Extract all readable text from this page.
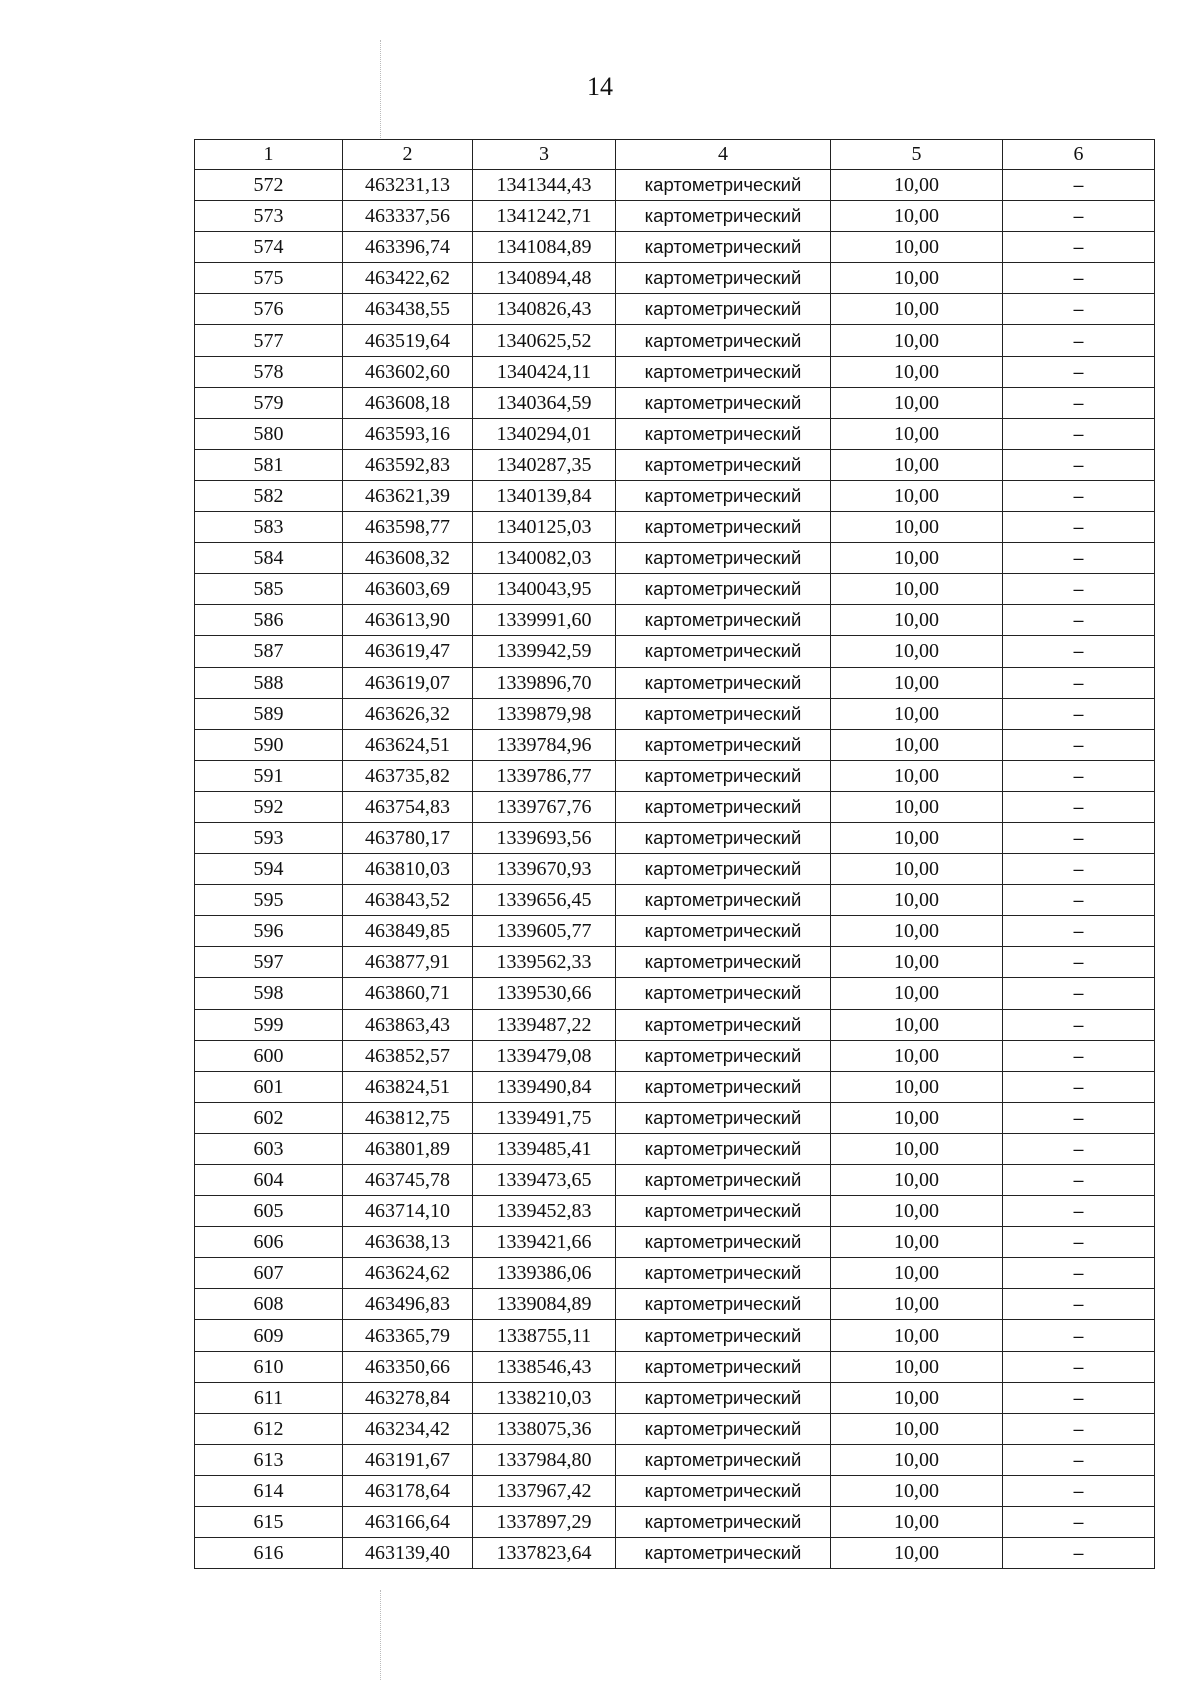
14
1	2	3	4	5	6
572	463231,13	1341344,43	картометрический	10,00	–
573	463337,56	1341242,71	картометрический	10,00	–
574	463396,74	1341084,89	картометрический	10,00	–
575	463422,62	1340894,48	картометрический	10,00	–
576	463438,55	1340826,43	картометрический	10,00	–
577	463519,64	1340625,52	картометрический	10,00	–
578	463602,60	1340424,11	картометрический	10,00	–
579	463608,18	1340364,59	картометрический	10,00	–
580	463593,16	1340294,01	картометрический	10,00	–
581	463592,83	1340287,35	картометрический	10,00	–
582	463621,39	1340139,84	картометрический	10,00	–
583	463598,77	1340125,03	картометрический	10,00	–
584	463608,32	1340082,03	картометрический	10,00	–
585	463603,69	1340043,95	картометрический	10,00	–
586	463613,90	1339991,60	картометрический	10,00	–
587	463619,47	1339942,59	картометрический	10,00	–
588	463619,07	1339896,70	картометрический	10,00	–
589	463626,32	1339879,98	картометрический	10,00	–
590	463624,51	1339784,96	картометрический	10,00	–
591	463735,82	1339786,77	картометрический	10,00	–
592	463754,83	1339767,76	картометрический	10,00	–
593	463780,17	1339693,56	картометрический	10,00	–
594	463810,03	1339670,93	картометрический	10,00	–
595	463843,52	1339656,45	картометрический	10,00	–
596	463849,85	1339605,77	картометрический	10,00	–
597	463877,91	1339562,33	картометрический	10,00	–
598	463860,71	1339530,66	картометрический	10,00	–
599	463863,43	1339487,22	картометрический	10,00	–
600	463852,57	1339479,08	картометрический	10,00	–
601	463824,51	1339490,84	картометрический	10,00	–
602	463812,75	1339491,75	картометрический	10,00	–
603	463801,89	1339485,41	картометрический	10,00	–
604	463745,78	1339473,65	картометрический	10,00	–
605	463714,10	1339452,83	картометрический	10,00	–
606	463638,13	1339421,66	картометрический	10,00	–
607	463624,62	1339386,06	картометрический	10,00	–
608	463496,83	1339084,89	картометрический	10,00	–
609	463365,79	1338755,11	картометрический	10,00	–
610	463350,66	1338546,43	картометрический	10,00	–
611	463278,84	1338210,03	картометрический	10,00	–
612	463234,42	1338075,36	картометрический	10,00	–
613	463191,67	1337984,80	картометрический	10,00	–
614	463178,64	1337967,42	картометрический	10,00	–
615	463166,64	1337897,29	картометрический	10,00	–
616	463139,40	1337823,64	картометрический	10,00	–
